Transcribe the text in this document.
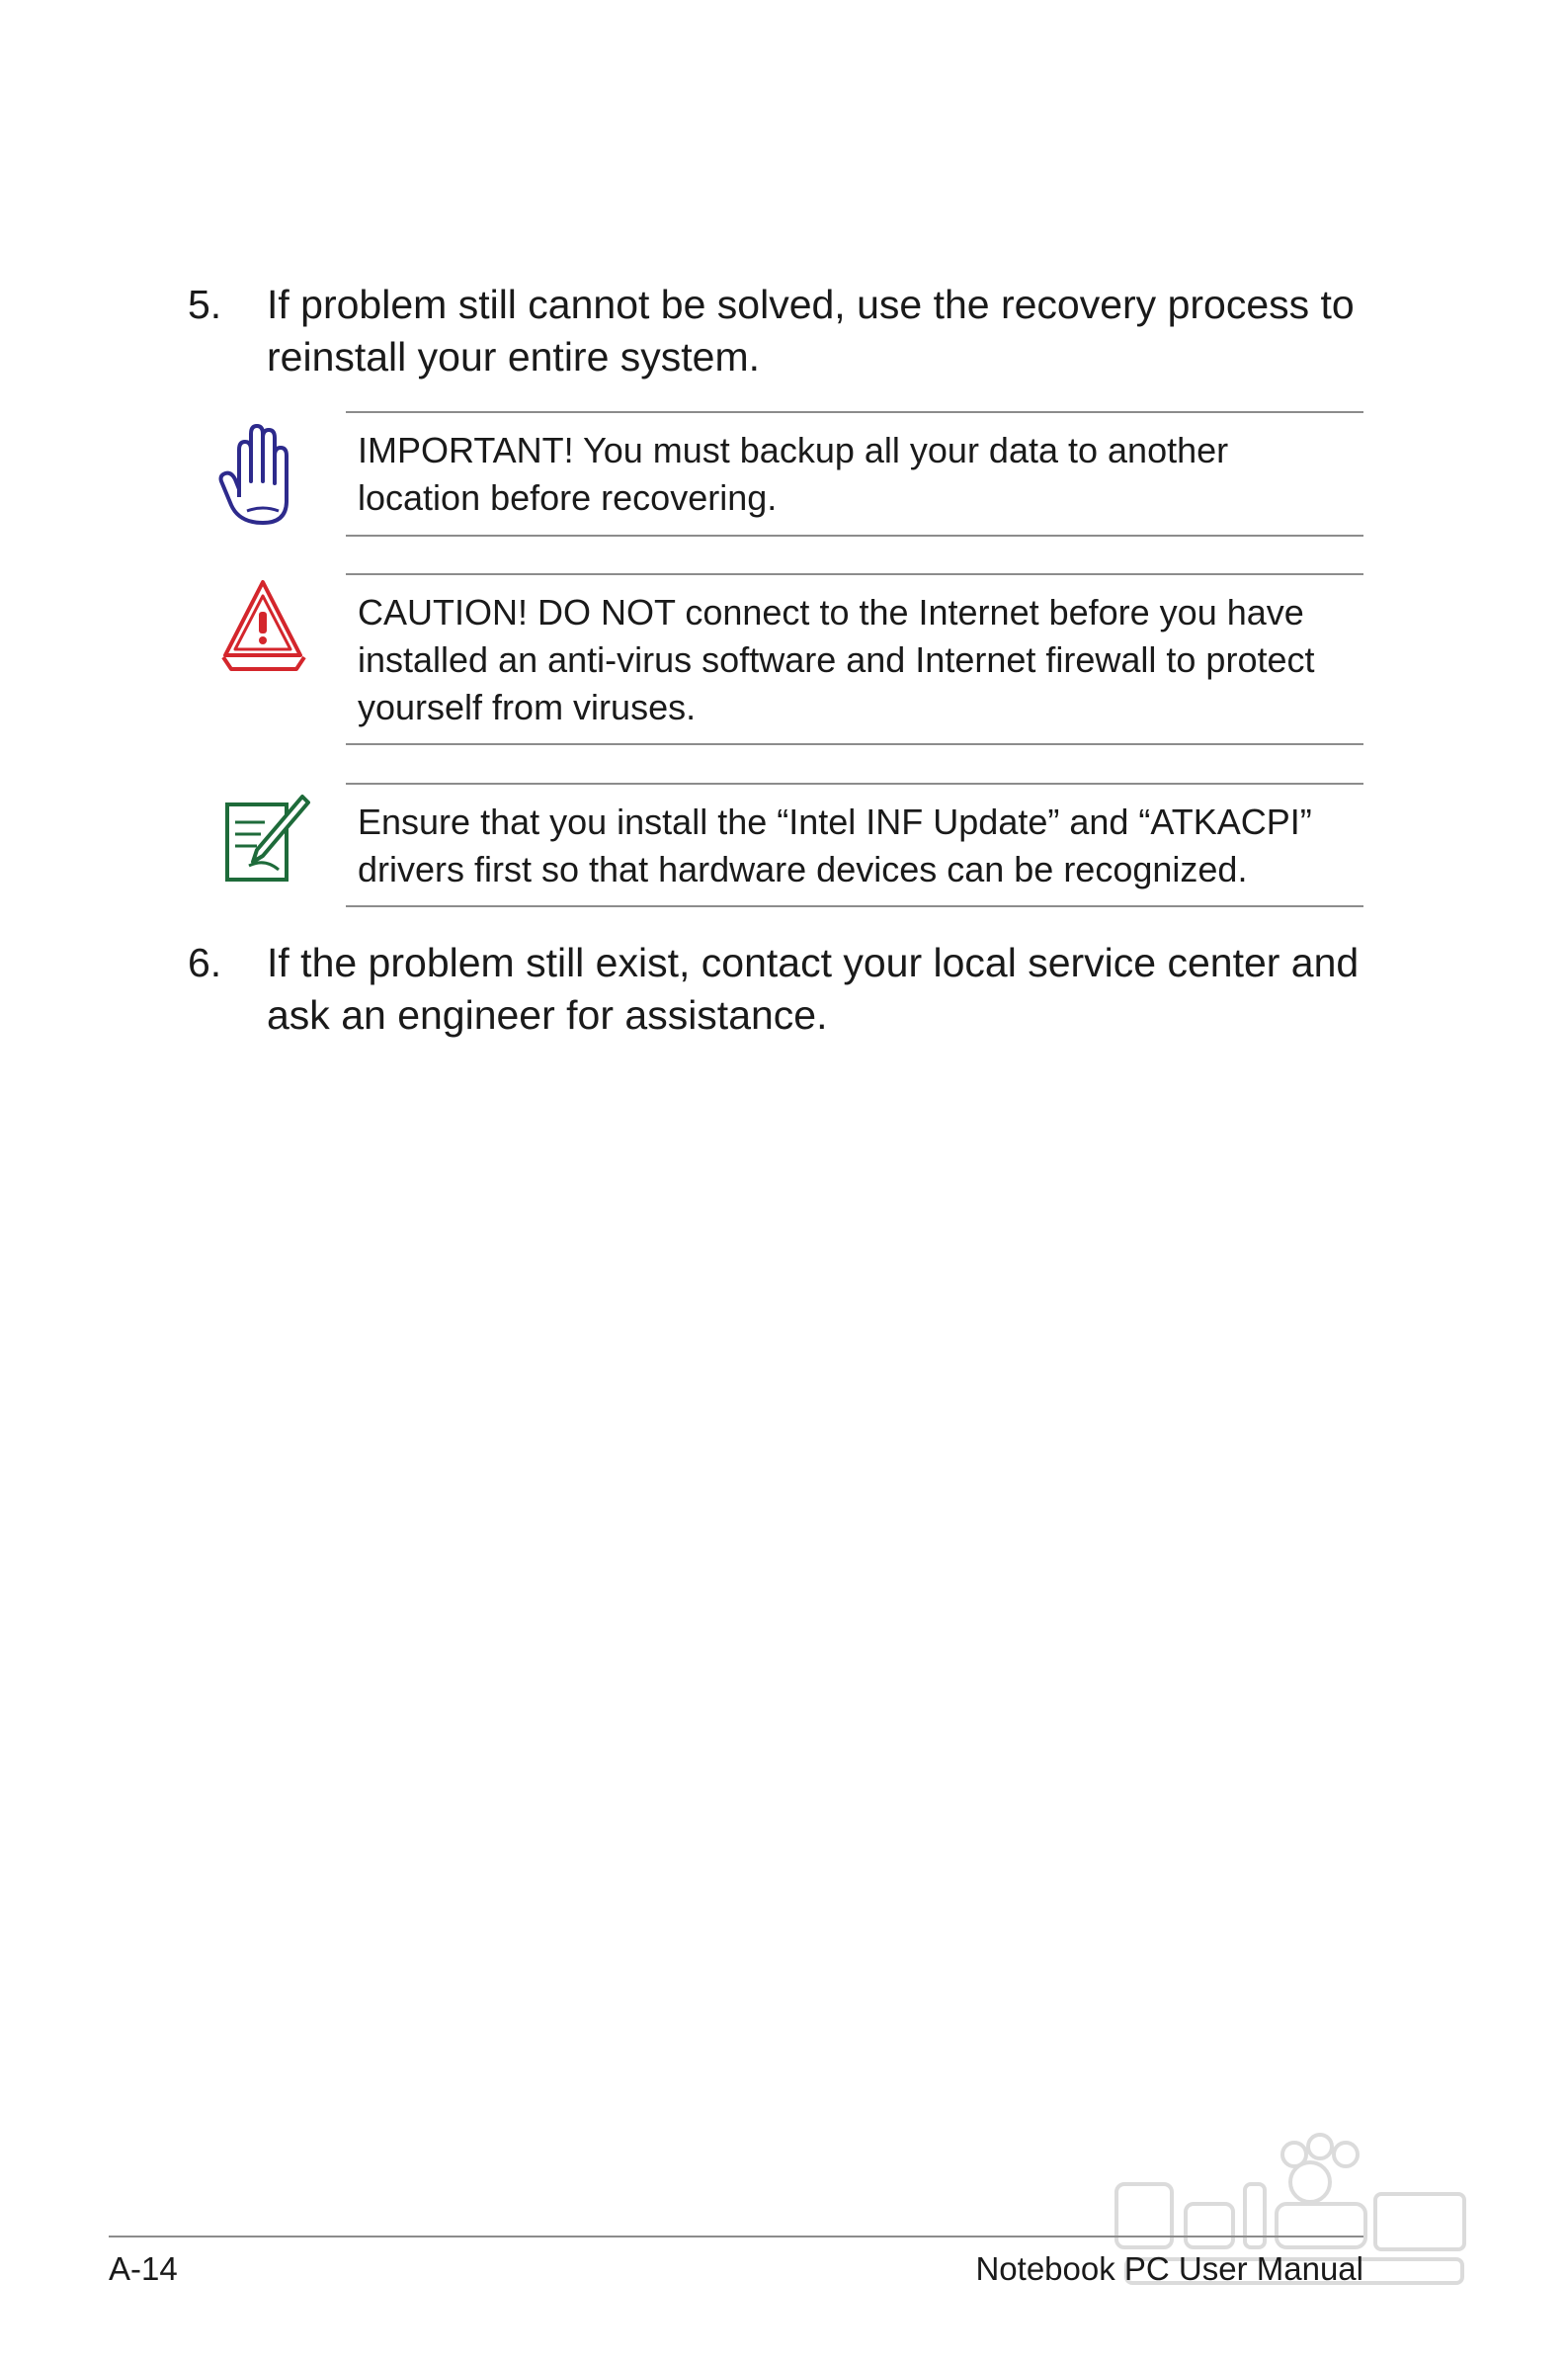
5. If problem still cannot be solved, use the recovery process to reinstall your entire system.
IMPORTANT! You must backup all your data to another location before recovering.
CAUTION! DO NOT connect to the Internet before you have installed an anti-virus software and Internet firewall to protect yourself from viruses.
Ensure that you install the “Intel INF Update” and “ATKACPI” drivers first so that hardware devices can be recognized.
6. If the problem still exist, contact your local service center and ask an engineer for assistance.
A-14	Notebook PC User Manual
